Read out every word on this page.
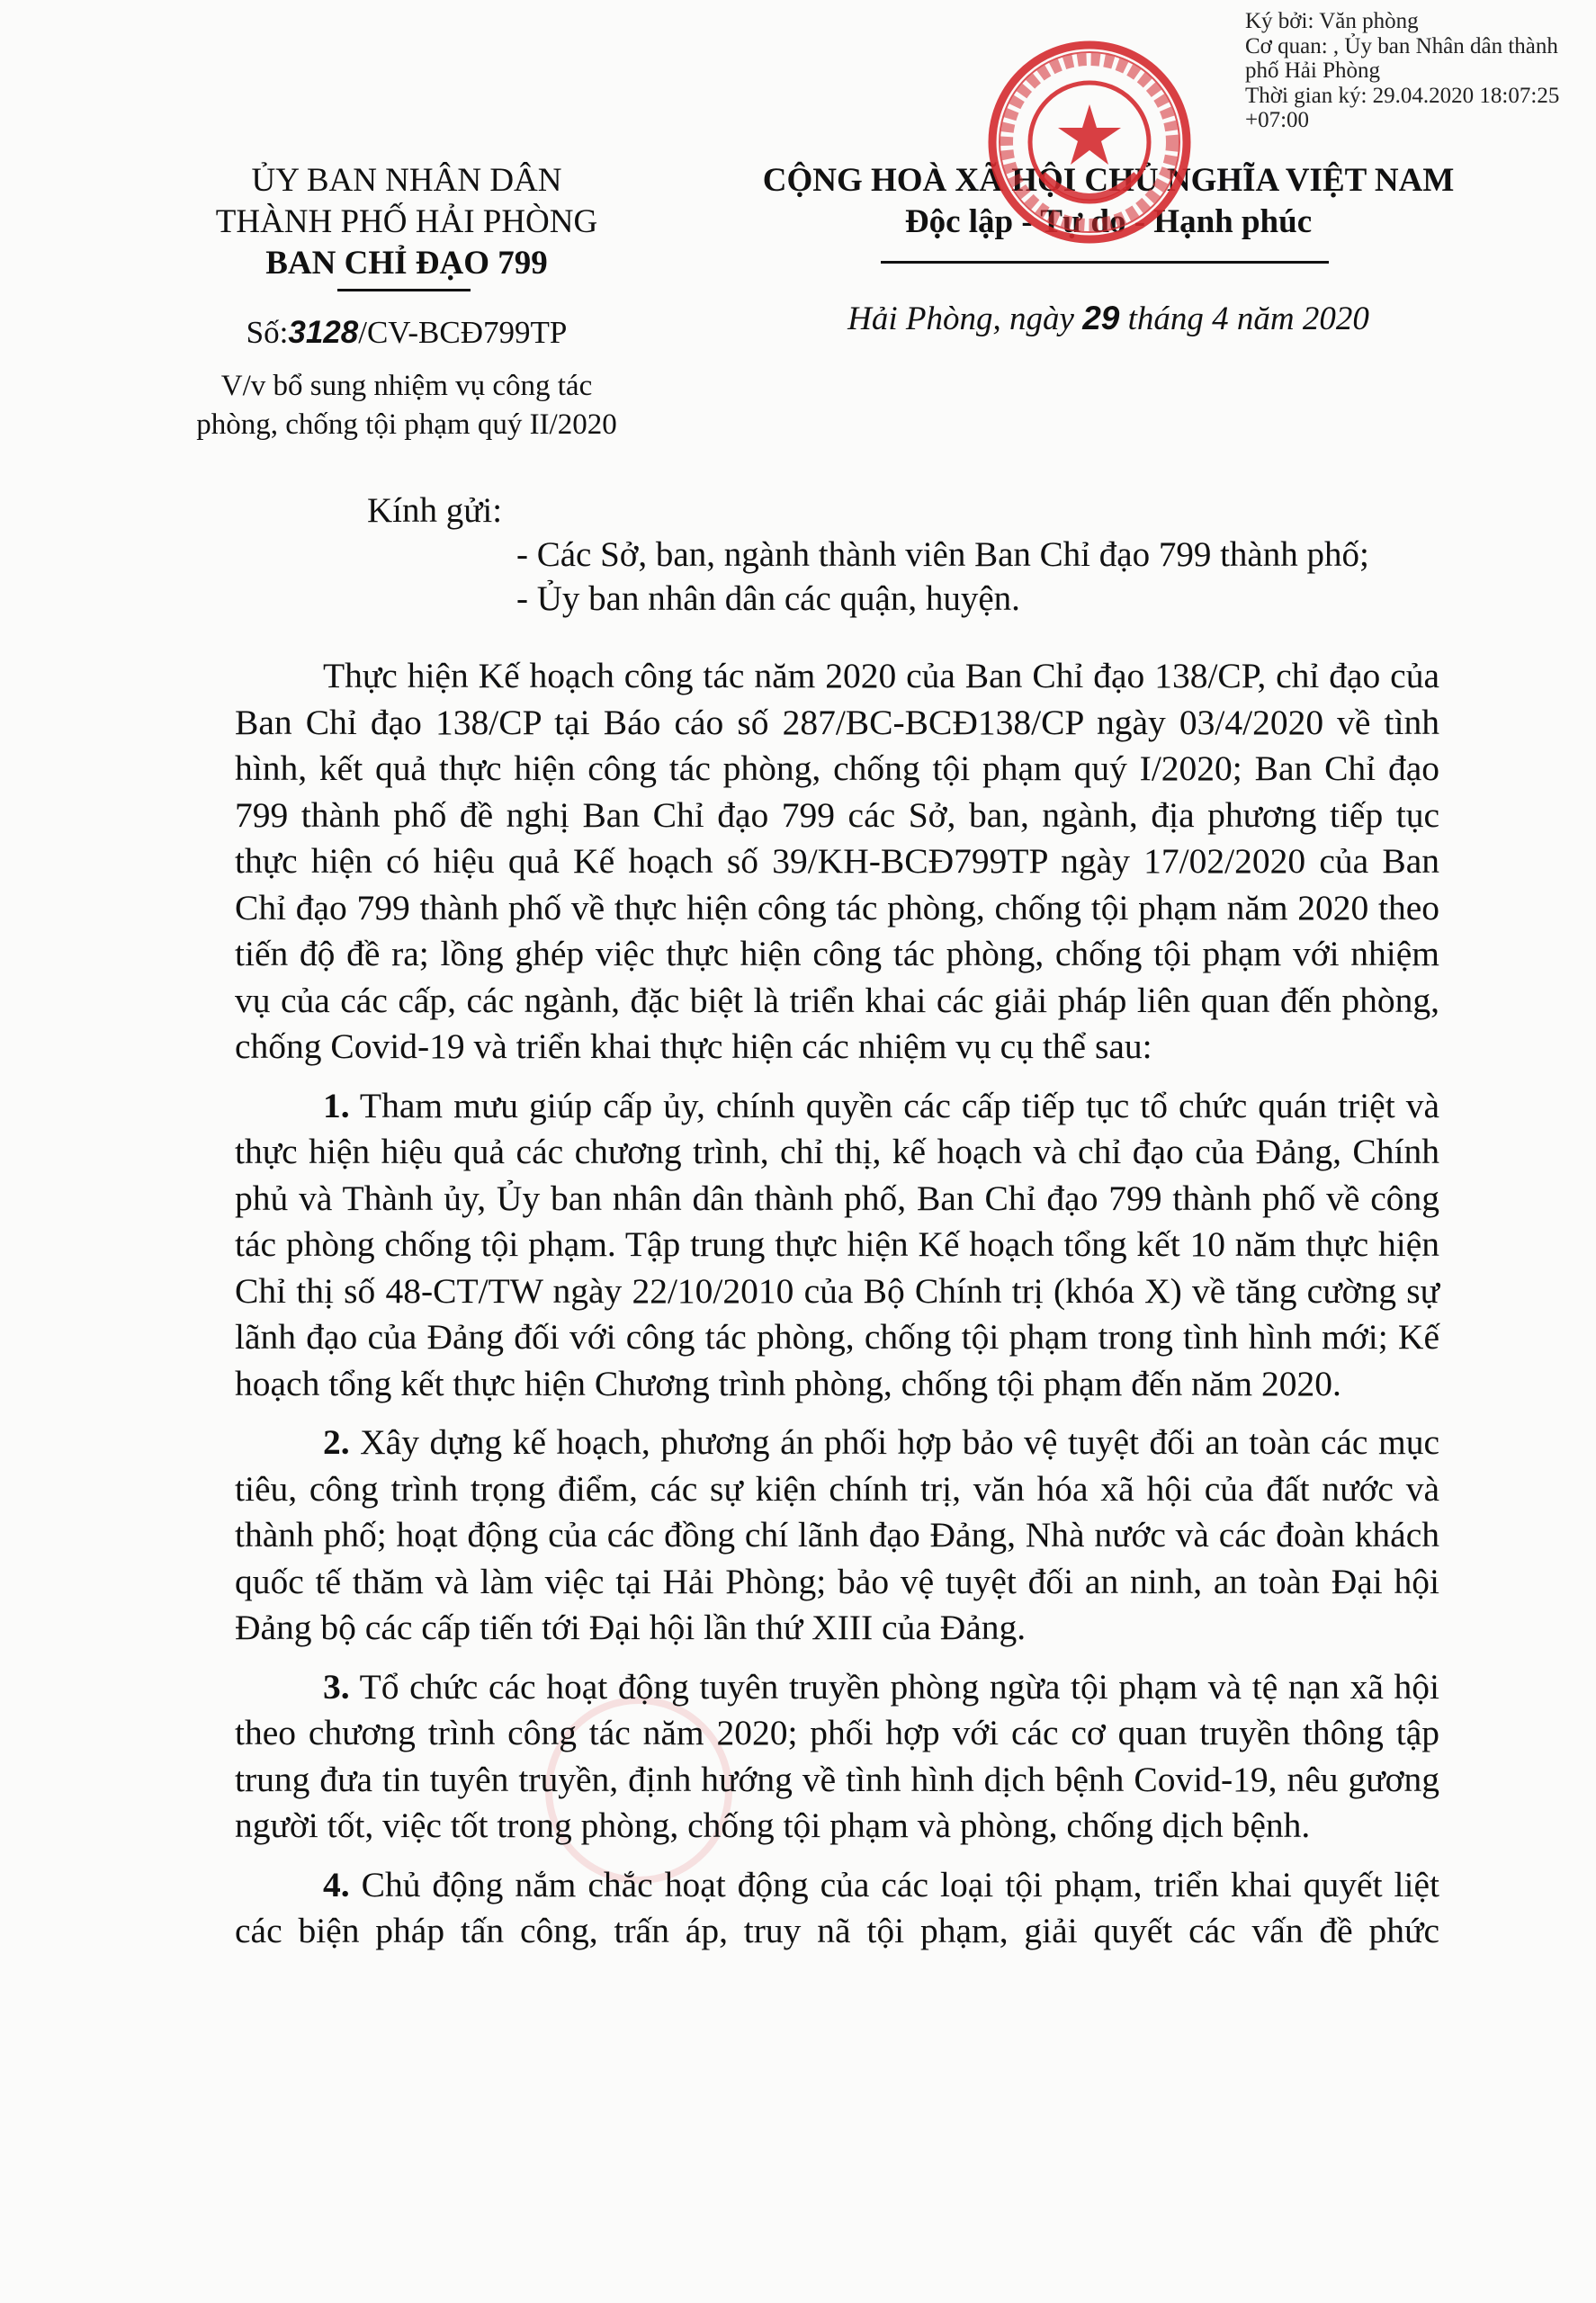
Ký bởi: Văn phòng
Cơ quan: , Ủy ban Nhân dân thành
phố Hải Phòng
Thời gian ký: 29.04.2020 18:07:25
+07:00
ỦY BAN NHÂN DÂN
THÀNH PHỐ HẢI PHÒNG
BAN CHỈ ĐẠO 799
Số:3128/CV-BCĐ799TP
V/v bổ sung nhiệm vụ công tác
phòng, chống tội phạm quý II/2020
CỘNG HOÀ XÃ HỘI CHỦ NGHĨA VIỆT NAM
Độc lập - Tự do - Hạnh phúc
Hải Phòng, ngày 29 tháng 4 năm 2020
Kính gửi:
- Các Sở, ban, ngành thành viên Ban Chỉ đạo 799 thành phố;
- Ủy ban nhân dân các quận, huyện.

Thực hiện Kế hoạch công tác năm 2020 của Ban Chỉ đạo 138/CP, chỉ đạo của Ban Chỉ đạo 138/CP tại Báo cáo số 287/BC-BCĐ138/CP ngày 03/4/2020 về tình hình, kết quả thực hiện công tác phòng, chống tội phạm quý I/2020; Ban Chỉ đạo 799 thành phố đề nghị Ban Chỉ đạo 799 các Sở, ban, ngành, địa phương tiếp tục thực hiện có hiệu quả Kế hoạch số 39/KH-BCĐ799TP ngày 17/02/2020 của Ban Chỉ đạo 799 thành phố về thực hiện công tác phòng, chống tội phạm năm 2020 theo tiến độ đề ra; lồng ghép việc thực hiện công tác phòng, chống tội phạm với nhiệm vụ của các cấp, các ngành, đặc biệt là triển khai các giải pháp liên quan đến phòng, chống Covid-19 và triển khai thực hiện các nhiệm vụ cụ thể sau:

1. Tham mưu giúp cấp ủy, chính quyền các cấp tiếp tục tổ chức quán triệt và thực hiện hiệu quả các chương trình, chỉ thị, kế hoạch và chỉ đạo của Đảng, Chính phủ và Thành ủy, Ủy ban nhân dân thành phố, Ban Chỉ đạo 799 thành phố về công tác phòng chống tội phạm. Tập trung thực hiện Kế hoạch tổng kết 10 năm thực hiện Chỉ thị số 48-CT/TW ngày 22/10/2010 của Bộ Chính trị (khóa X) về tăng cường sự lãnh đạo của Đảng đối với công tác phòng, chống tội phạm trong tình hình mới; Kế hoạch tổng kết thực hiện Chương trình phòng, chống tội phạm đến năm 2020.

2. Xây dựng kế hoạch, phương án phối hợp bảo vệ tuyệt đối an toàn các mục tiêu, công trình trọng điểm, các sự kiện chính trị, văn hóa xã hội của đất nước và thành phố; hoạt động của các đồng chí lãnh đạo Đảng, Nhà nước và các đoàn khách quốc tế thăm và làm việc tại Hải Phòng; bảo vệ tuyệt đối an ninh, an toàn Đại hội Đảng bộ các cấp tiến tới Đại hội lần thứ XIII của Đảng.

3. Tổ chức các hoạt động tuyên truyền phòng ngừa tội phạm và tệ nạn xã hội theo chương trình công tác năm 2020; phối hợp với các cơ quan truyền thông tập trung đưa tin tuyên truyền, định hướng về tình hình dịch bệnh Covid-19, nêu gương người tốt, việc tốt trong phòng, chống tội phạm và phòng, chống dịch bệnh.

4. Chủ động nắm chắc hoạt động của các loại tội phạm, triển khai quyết liệt các biện pháp tấn công, trấn áp, truy nã tội phạm, giải quyết các vấn đề phức
